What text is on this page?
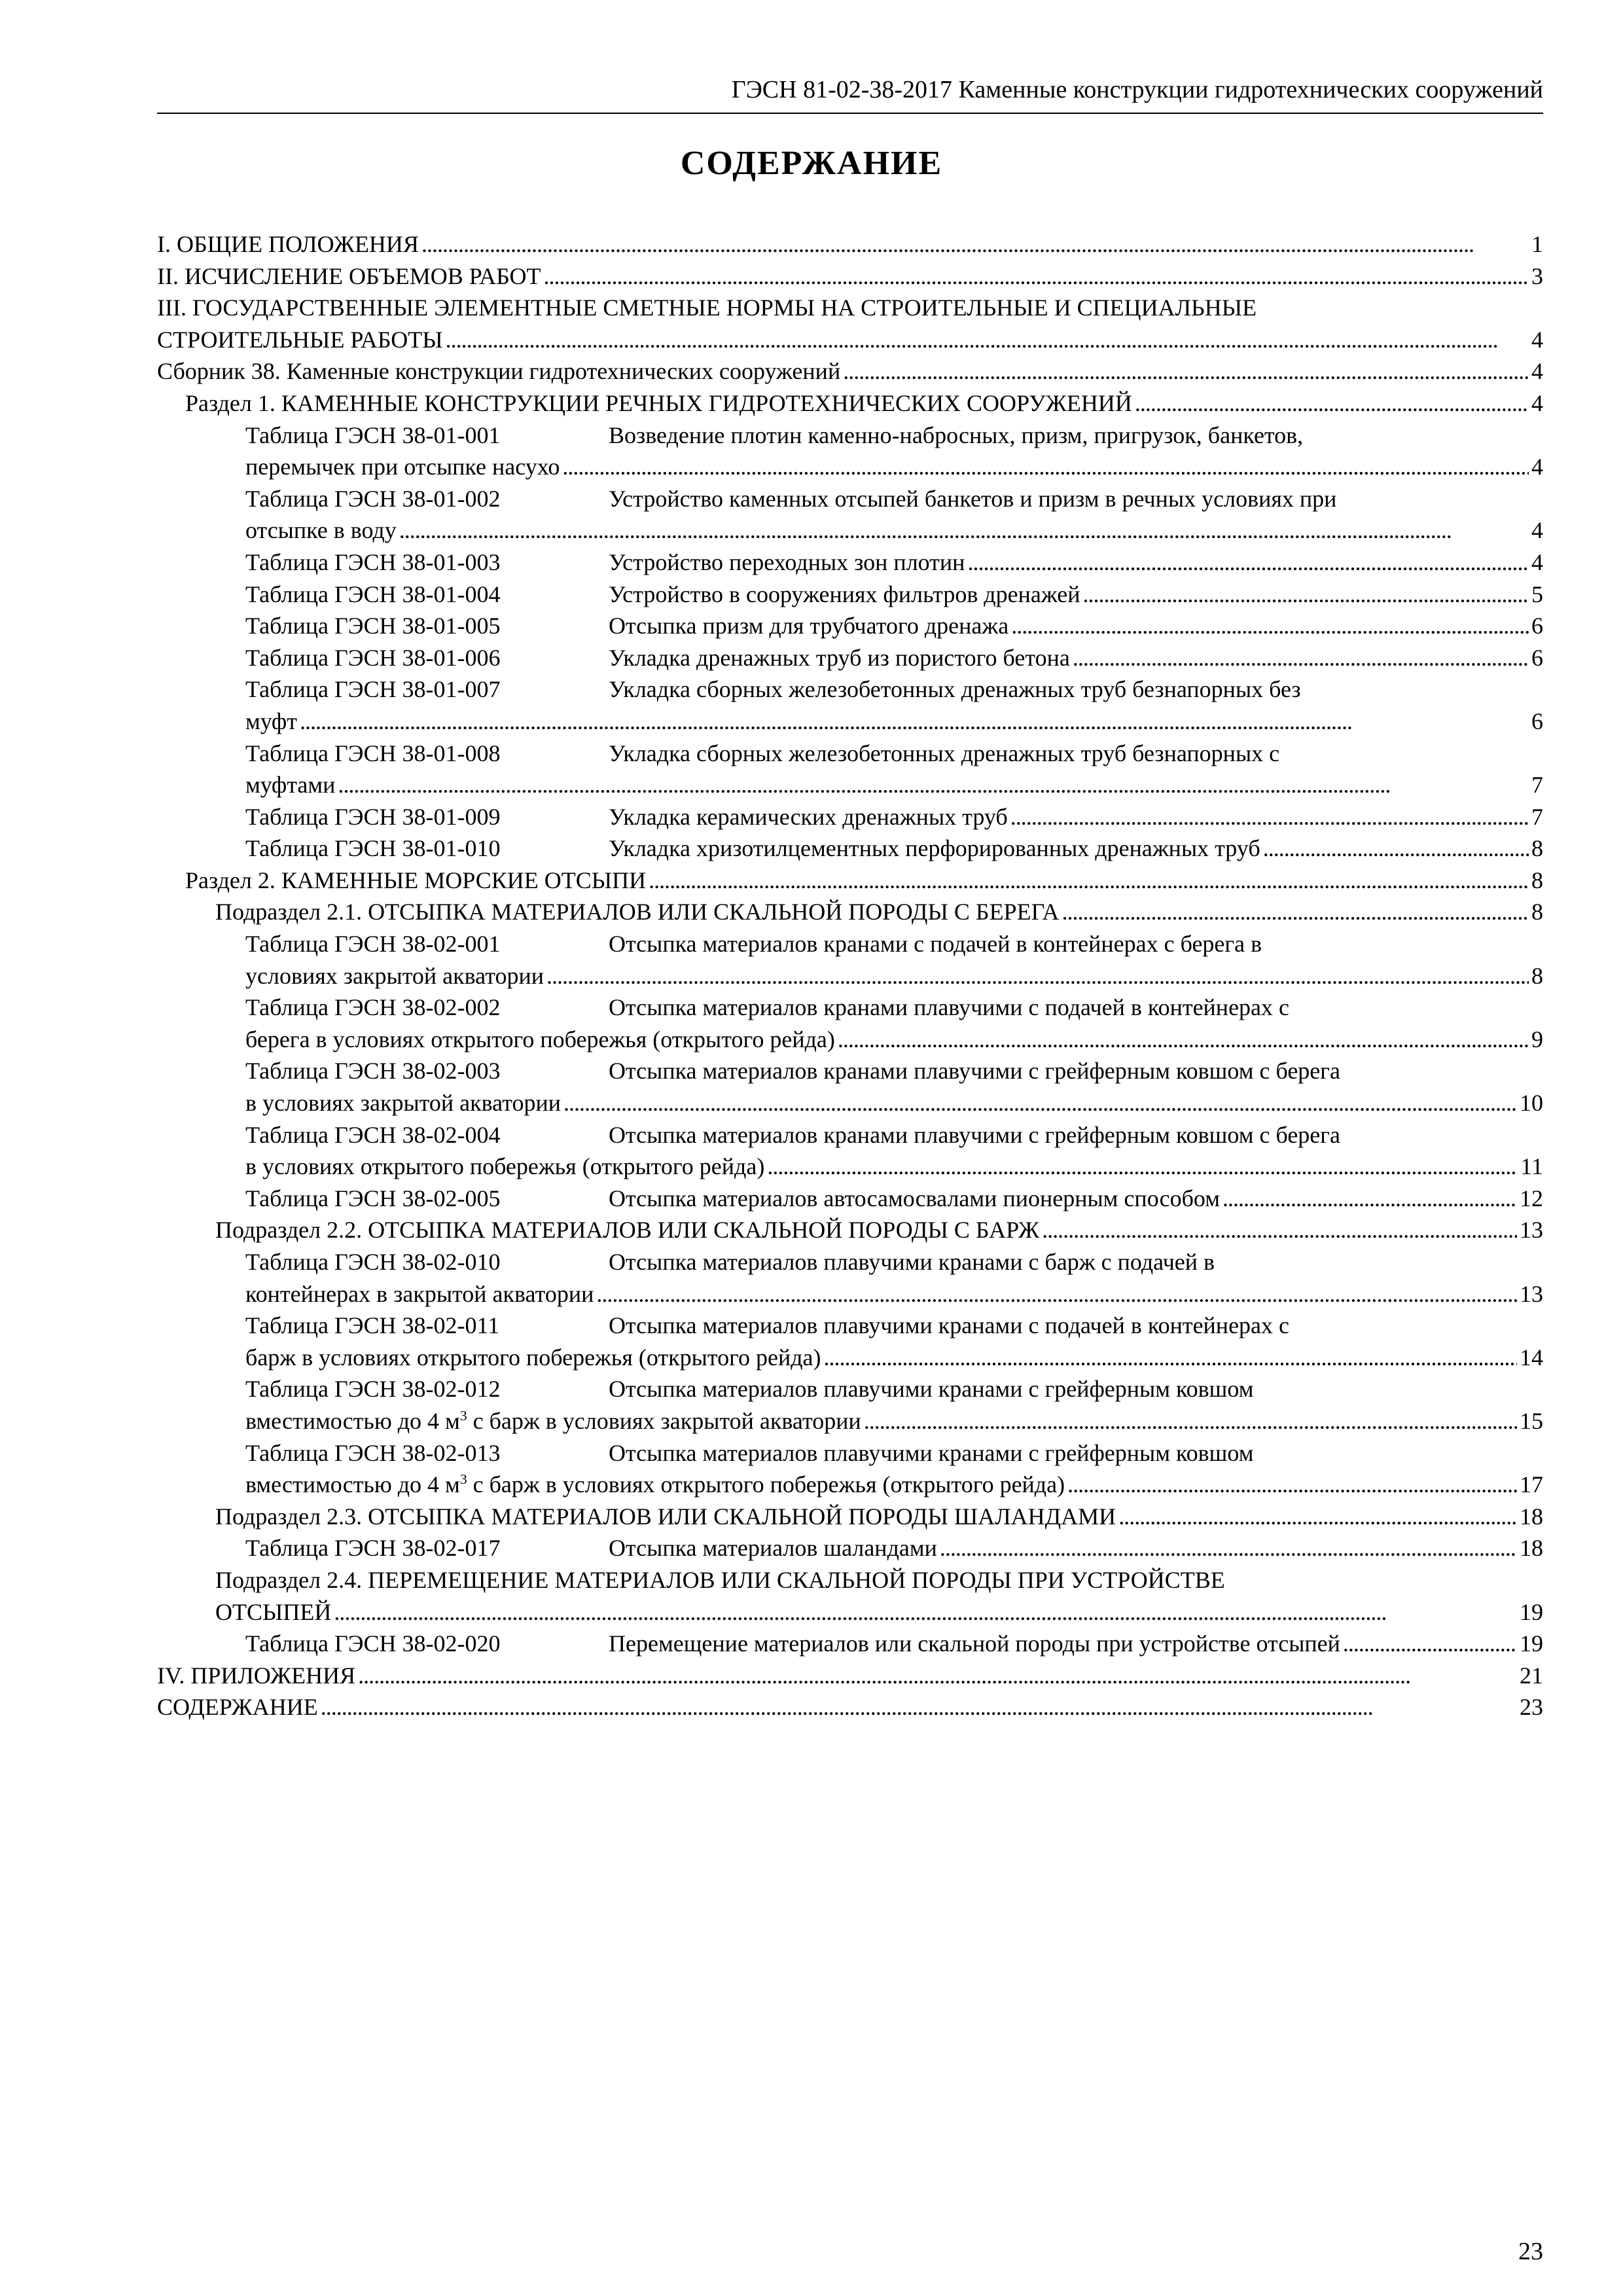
ГЭСН 81-02-38-2017 Каменные конструкции гидротехнических сооружений
СОДЕРЖАНИЕ
I. ОБЩИЕ ПОЛОЖЕНИЯ . . .	1
II. ИСЧИСЛЕНИЕ ОБЪЕМОВ РАБОТ . . .	3
III. ГОСУДАРСТВЕННЫЕ ЭЛЕМЕНТНЫЕ СМЕТНЫЕ НОРМЫ НА СТРОИТЕЛЬНЫЕ И СПЕЦИАЛЬНЫЕ
СТРОИТЕЛЬНЫЕ РАБОТЫ . . .	4
Сборник 38. Каменные конструкции гидротехнических сооружений . . .	4
Раздел 1. КАМЕННЫЕ КОНСТРУКЦИИ РЕЧНЫХ ГИДРОТЕХНИЧЕСКИХ СООРУЖЕНИЙ . . .	4
Таблица ГЭСН 38-01-001	Возведение плотин каменно-набросных, призм, пригрузок, банкетов,
перемычек при отсыпке насухо . . .	4
Таблица ГЭСН 38-01-002	Устройство каменных отсыпей банкетов и призм в речных условиях при
отсыпке в воду . . .	4
Таблица ГЭСН 38-01-003	Устройство переходных зон плотин . . .	4
Таблица ГЭСН 38-01-004	Устройство в сооружениях фильтров дренажей . . .	5
Таблица ГЭСН 38-01-005	Отсыпка призм для трубчатого дренажа . . .	6
Таблица ГЭСН 38-01-006	Укладка дренажных труб из пористого бетона . . .	6
Таблица ГЭСН 38-01-007	Укладка сборных железобетонных дренажных труб безнапорных без
муфт . . .	6
Таблица ГЭСН 38-01-008	Укладка сборных железобетонных дренажных труб безнапорных с
муфтами . . .	7
Таблица ГЭСН 38-01-009	Укладка керамических дренажных труб . . .	7
Таблица ГЭСН 38-01-010	Укладка хризотилцементных перфорированных дренажных труб . . .	8
Раздел 2. КАМЕННЫЕ МОРСКИЕ ОТСЫПИ . . .	8
Подраздел 2.1. ОТСЫПКА МАТЕРИАЛОВ ИЛИ СКАЛЬНОЙ ПОРОДЫ С БЕРЕГА . . .	8
Таблица ГЭСН 38-02-001	Отсыпка материалов кранами с подачей в контейнерах с берега в
условиях закрытой акватории . . .	8
Таблица ГЭСН 38-02-002	Отсыпка материалов кранами плавучими с подачей в контейнерах с
берега в условиях открытого побережья (открытого рейда) . . .	9
Таблица ГЭСН 38-02-003	Отсыпка материалов кранами плавучими с грейферным ковшом с берега
в условиях закрытой акватории . . .	10
Таблица ГЭСН 38-02-004	Отсыпка материалов кранами плавучими с грейферным ковшом с берега
в условиях открытого побережья (открытого рейда) . . .	11
Таблица ГЭСН 38-02-005	Отсыпка материалов автосамосвалами пионерным способом . . .	12
Подраздел 2.2. ОТСЫПКА МАТЕРИАЛОВ ИЛИ СКАЛЬНОЙ ПОРОДЫ С БАРЖ . . .	13
Таблица ГЭСН 38-02-010	Отсыпка материалов плавучими кранами с барж с подачей в
контейнерах в закрытой акватории . . .	13
Таблица ГЭСН 38-02-011	Отсыпка материалов плавучими кранами с подачей в контейнерах с
барж в условиях открытого побережья (открытого рейда) . . .	14
Таблица ГЭСН 38-02-012	Отсыпка материалов плавучими кранами с грейферным ковшом
вместимостью до 4 $м^3$ с барж в условиях закрытой акватории . . .	15
Таблица ГЭСН 38-02-013	Отсыпка материалов плавучими кранами с грейферным ковшом
вместимостью до 4 $м^3$ с барж в условиях открытого побережья (открытого рейда) . . .	17
Подраздел 2.3. ОТСЫПКА МАТЕРИАЛОВ ИЛИ СКАЛЬНОЙ ПОРОДЫ ШАЛАНДАМИ . . .	18
Таблица ГЭСН 38-02-017	Отсыпка материалов шаландами . . .	18
Подраздел 2.4. ПЕРЕМЕЩЕНИЕ МАТЕРИАЛОВ ИЛИ СКАЛЬНОЙ ПОРОДЫ ПРИ УСТРОЙСТВЕ
ОТСЫПЕЙ . . .	19
Таблица ГЭСН 38-02-020	Перемещение материалов или скальной породы при устройстве отсыпей . . .	19
IV. ПРИЛОЖЕНИЯ . . .	21
СОДЕРЖАНИЕ . . .	23
23
